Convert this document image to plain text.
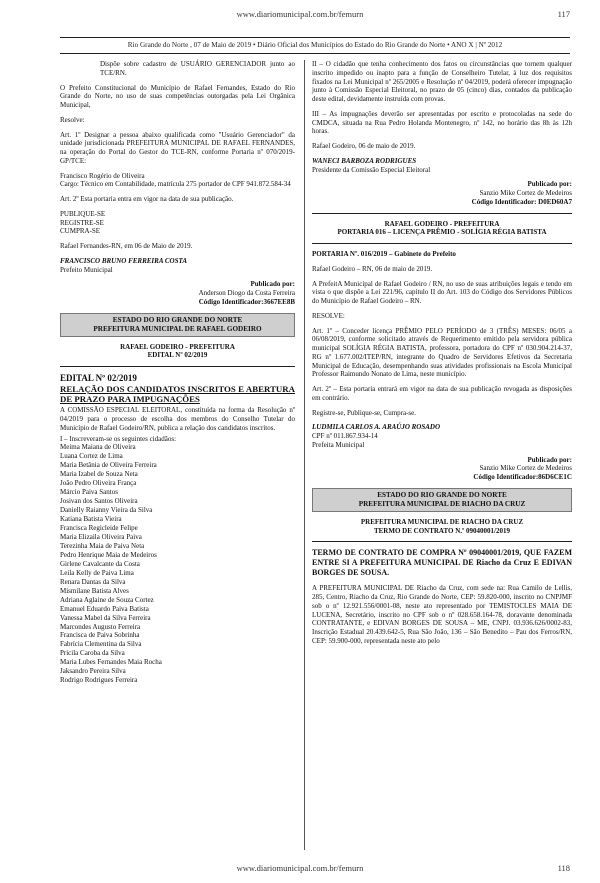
www.diariomunicipal.com.br/femurn	117
Rio Grande do Norte , 07 de Maio de 2019 • Diário Oficial dos Municípios do Estado do Rio Grande do Norte • ANO X | Nº 2012

Dispõe sobre cadastro de USUÁRIO GERENCIADOR junto ao TCE/RN.

O Prefeito Constitucional do Município de Rafael Fernandes, Estado do Rio Grande do Norte, no uso de suas competências outorgadas pela Lei Orgânica Municipal,

Resolve:

Art. 1º Designar a pessoa abaixo qualificada como "Usuário Gerenciador" da unidade jurisdicionada PREFEITURA MUNICIPAL DE RAFAEL FERNANDES, na operação do Portal do Gestor do TCE-RN, conforme Portaria nº 070/2019-GP/TCE:

Francisco Rogério de Oliveira

Cargo: Técnico em Contabilidade, matrícula 275 portador de CPF 941.872.584-34

Art. 2º Esta portaria entra em vigor na data de sua publicação.

PUBLIQUE-SE

REGISTRE-SE

CUMPRA-SE

Rafael Fernandes-RN, em 06 de Maio de 2019.

FRANCISCO BRUNO FERREIRA COSTA

Prefeito Municipal

Publicado por:

Anderson Diogo da Costa Ferreira

Código Identificador:3667EE8B

ESTADO DO RIO GRANDE DO NORTE
PREFEITURA MUNICIPAL DE RAFAEL GODEIRO

RAFAEL GODEIRO - PREFEITURA

EDITAL Nº 02/2019

EDITAL Nº 02/2019

RELAÇÃO DOS CANDIDATOS INSCRITOS E ABERTURA DE PRAZO PARA IMPUGNAÇÕES

A COMISSÃO ESPECIAL ELEITORAL, constituída na forma da Resolução nº 04/2019 para o processo de escolha dos membros do Conselho Tutelar do Município de Rafael Godeiro/RN, publica a relação dos candidatos inscritos.

I – Inscreveram-se os seguintes cidadãos:

Meima Maiana de Oliveira
Luana Cortez de Lima
Maria Betânia de Oliveira Ferreira
Maria Izabel de Souza Neta
João Pedro Oliveira França
Márcio Paiva Santos
Josivan dos Santos Oliveira
Danielly Raianny Vieira da Silva
Katiana Batista Vieira
Francisca Regicleide Felipe
Maria Elizaila Oliveira Paiva
Terezinha Maia de Paiva Neta
Pedro Henrique Maia de Medeiros
Girlene Cavalcante da Costa
Leila Kelly de Paiva Lima
Renara Dantas da Silva
Mismilane Batista Alves
Adriana Aglaine de Souza Cortez
Emanuel Eduardo Paiva Batista
Vanessa Mabel da Silva Ferreira
Marcondes Augusto Ferreira
Francisca de Paiva Sobrinha
Fabrícia Clementina da Silva
Pricila Caroba da Silva
Maria Lubes Fernandes Maia Rocha
Jaksandro Pereira Silva
Rodrigo Rodrigues Ferreira

II – O cidadão que tenha conhecimento dos fatos ou circunstâncias que tornem qualquer inscrito impedido ou inapto para a função de Conselheiro Tutelar, à luz dos requisitos fixados na Lei Municipal nº 265/2005 e Resolução nº 04/2019, poderá oferecer impugnação junto à Comissão Especial Eleitoral, no prazo de 05 (cinco) dias, contados da publicação deste edital, devidamente instruída com provas.

III – As impugnações deverão ser apresentadas por escrito e protocoladas na sede do CMDCA, situada na Rua Pedro Holanda Montenegro, nº 142, no horário das 8h às 12h horas.

Rafael Godeiro, 06 de maio de 2019.

WANECI BARBOZA RODRIGUES

Presidente da Comissão Especial Eleitoral

Publicado por:

Sanzio Mike Cortez de Medeiros

Código Identificador: D0ED60A7

RAFAEL GODEIRO - PREFEITURA

PORTARIA 016 – LICENÇA PRÊMIO - SOLÍGIA RÉGIA BATISTA

PORTARIA Nº. 016/2019 – Gabinete do Prefeito

Rafael Godeiro – RN, 06 de maio de 2019.

A PrefeitA Municipal de Rafael Godeiro / RN, no uso de suas atribuições legais e tendo em vista o que dispõe a Lei 221/96, capítulo II do Art. 103 do Código dos Servidores Públicos do Município de Rafael Godeiro – RN.

RESOLVE:

Art. 1º – Conceder licença PRÊMIO PELO PERÍODO de 3 (TRÊS) MESES: 06/05 a 06/08/2019, conforme solicitado através de Requerimento emitido pela servidora pública municipal SOLÍGIA RÉGIA BATISTA, professora, portadora do CPF nº 030.904.214-37, RG nº 1.677.002/ITEP/RN, integrante do Quadro de Servidores Efetivos da Secretaria Municipal de Educação, desempenhando suas atividades profissionais na Escola Municipal Professor Raimundo Nonato de Lima, neste município.

Art. 2º – Esta portaria entrará em vigor na data de sua publicação revogada as disposições em contrário.

Registre-se, Publique-se, Cumpra-se.

LUDMILA CARLOS A. ARAÚJO ROSADO

CPF nº 011.867.934-14

Prefeita Municipal

Publicado por:

Sanzio Mike Cortez de Medeiros

Código Identificador:86D6CE1C

ESTADO DO RIO GRANDE DO NORTE
PREFEITURA MUNICIPAL DE RIACHO DA CRUZ

PREFEITURA MUNICIPAL DE RIACHO DA CRUZ

TERMO DE CONTRATO N.º 09040001/2019

TERMO DE CONTRATO DE COMPRA Nº 09040001/2019, QUE FAZEM ENTRE SI A PREFEITURA MUNICIPAL DE Riacho da Cruz E EDIVAN BORGES DE SOUSA.

A PREFEITURA MUNICIPAL DE Riacho da Cruz, com sede na: Rua Camilo de Lellis, 285, Centro, Riacho da Cruz, Rio Grande do Norte, CEP: 59.820-000, inscrito no CNPJMF sob o nº 12.921.556/0001-08, neste ato representado por TEMISTOCLES MAIA DE LUCENA, Secretário, inscrito no CPF sob o nº 028.658.164-78, doravante denominada CONTRATANTE, e EDIVAN BORGES DE SOUSA – ME, CNPJ. 03.936.626/0002-83, Inscrição Estadual 20.439.642-5, Rua São João, 136 – São Benedito – Pau dos Ferros/RN, CEP: 59.900-000, representada neste ato pelo

www.diariomunicipal.com.br/femurn	118
